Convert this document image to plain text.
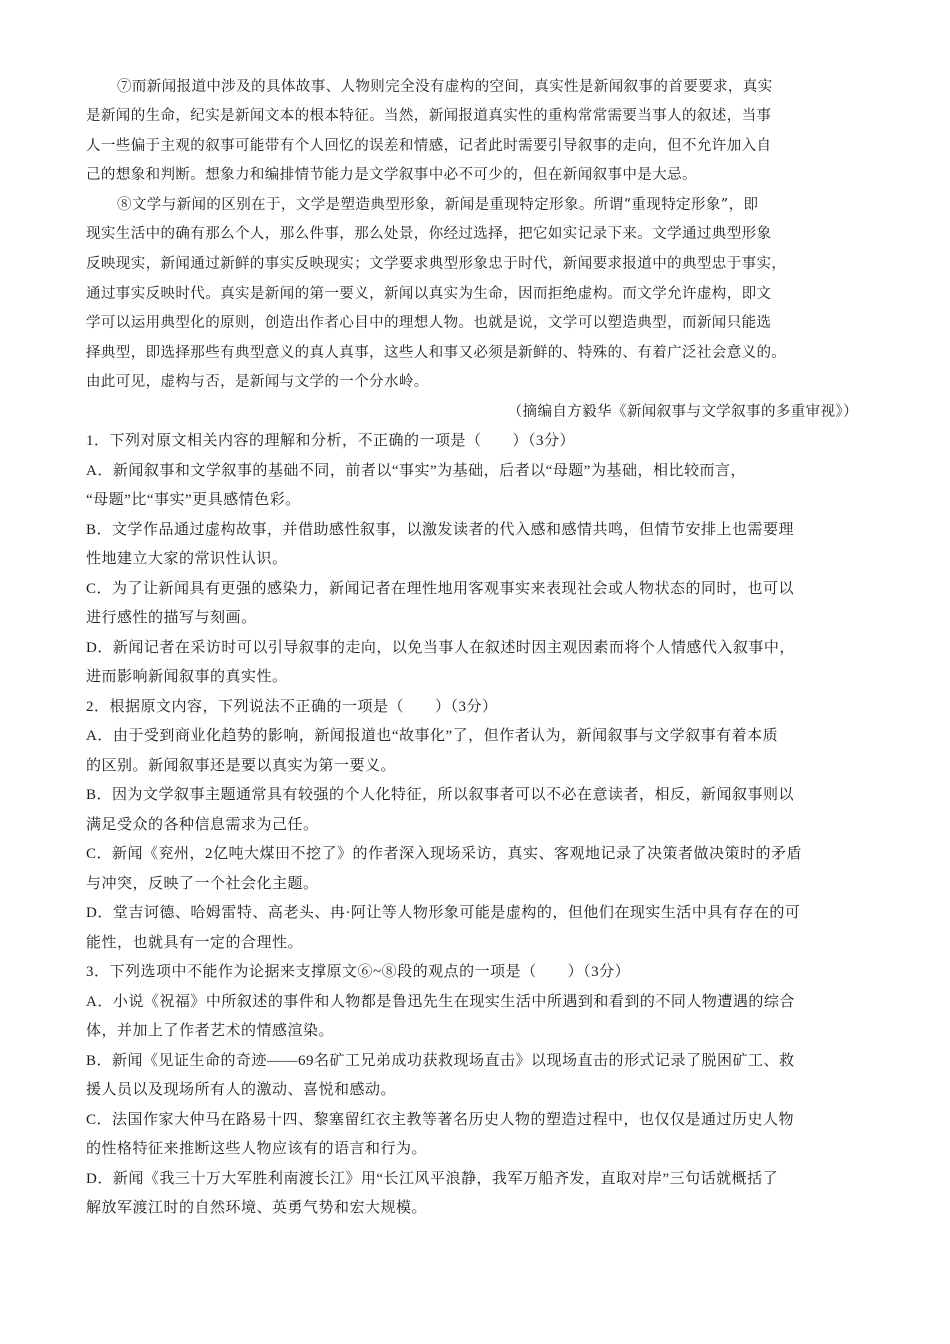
⑦而新闻报道中涉及的具体故事、人物则完全没有虚构的空间，真实性是新闻叙事的首要要求，真实
是新闻的生命，纪实是新闻文本的根本特征。当然，新闻报道真实性的重构常常需要当事人的叙述，当事
人一些偏于主观的叙事可能带有个人回忆的误差和情感，记者此时需要引导叙事的走向，但不允许加入自
己的想象和判断。想象力和编排情节能力是文学叙事中必不可少的，但在新闻叙事中是大忌。
⑧文学与新闻的区别在于，文学是塑造典型形象，新闻是重现特定形象。所谓“重现特定形象”，即
现实生活中的确有那么个人，那么件事，那么处景，你经过选择，把它如实记录下来。文学通过典型形象
反映现实，新闻通过新鲜的事实反映现实；文学要求典型形象忠于时代，新闻要求报道中的典型忠于事实，
通过事实反映时代。真实是新闻的第一要义，新闻以真实为生命，因而拒绝虚构。而文学允许虚构，即文
学可以运用典型化的原则，创造出作者心目中的理想人物。也就是说，文学可以塑造典型，而新闻只能选
择典型，即选择那些有典型意义的真人真事，这些人和事又必须是新鲜的、特殊的、有着广泛社会意义的。
由此可见，虚构与否，是新闻与文学的一个分水岭。
（摘编自方毅华《新闻叙事与文学叙事的多重审视》）
1．下列对原文相关内容的理解和分析，不正确的一项是（　　）（3分）
A．新闻叙事和文学叙事的基础不同，前者以“事实”为基础，后者以“母题”为基础，相比较而言，
“母题”比“事实”更具感情色彩。
B．文学作品通过虚构故事，并借助感性叙事，以激发读者的代入感和感情共鸣，但情节安排上也需要理
性地建立大家的常识性认识。
C．为了让新闻具有更强的感染力，新闻记者在理性地用客观事实来表现社会或人物状态的同时，也可以
进行感性的描写与刻画。
D．新闻记者在采访时可以引导叙事的走向，以免当事人在叙述时因主观因素而将个人情感代入叙事中，
进而影响新闻叙事的真实性。
2．根据原文内容，下列说法不正确的一项是（　　）（3分）
A．由于受到商业化趋势的影响，新闻报道也“故事化”了，但作者认为，新闻叙事与文学叙事有着本质
的区别。新闻叙事还是要以真实为第一要义。
B．因为文学叙事主题通常具有较强的个人化特征，所以叙事者可以不必在意读者，相反，新闻叙事则以
满足受众的各种信息需求为己任。
C．新闻《兖州，2亿吨大煤田不挖了》的作者深入现场采访，真实、客观地记录了决策者做决策时的矛盾
与冲突，反映了一个社会化主题。
D．堂吉诃德、哈姆雷特、高老头、冉·阿让等人物形象可能是虚构的，但他们在现实生活中具有存在的可
能性，也就具有一定的合理性。
3．下列选项中不能作为论据来支撑原文⑥~⑧段的观点的一项是（　　）（3分）
A．小说《祝福》中所叙述的事件和人物都是鲁迅先生在现实生活中所遇到和看到的不同人物遭遇的综合
体，并加上了作者艺术的情感渲染。
B．新闻《见证生命的奇迹——69名矿工兄弟成功获救现场直击》以现场直击的形式记录了脱困矿工、救
援人员以及现场所有人的激动、喜悦和感动。
C．法国作家大仲马在路易十四、黎塞留红衣主教等著名历史人物的塑造过程中，也仅仅是通过历史人物
的性格特征来推断这些人物应该有的语言和行为。
D．新闻《我三十万大军胜利南渡长江》用“长江风平浪静，我军万船齐发，直取对岸”三句话就概括了
解放军渡江时的自然环境、英勇气势和宏大规模。
